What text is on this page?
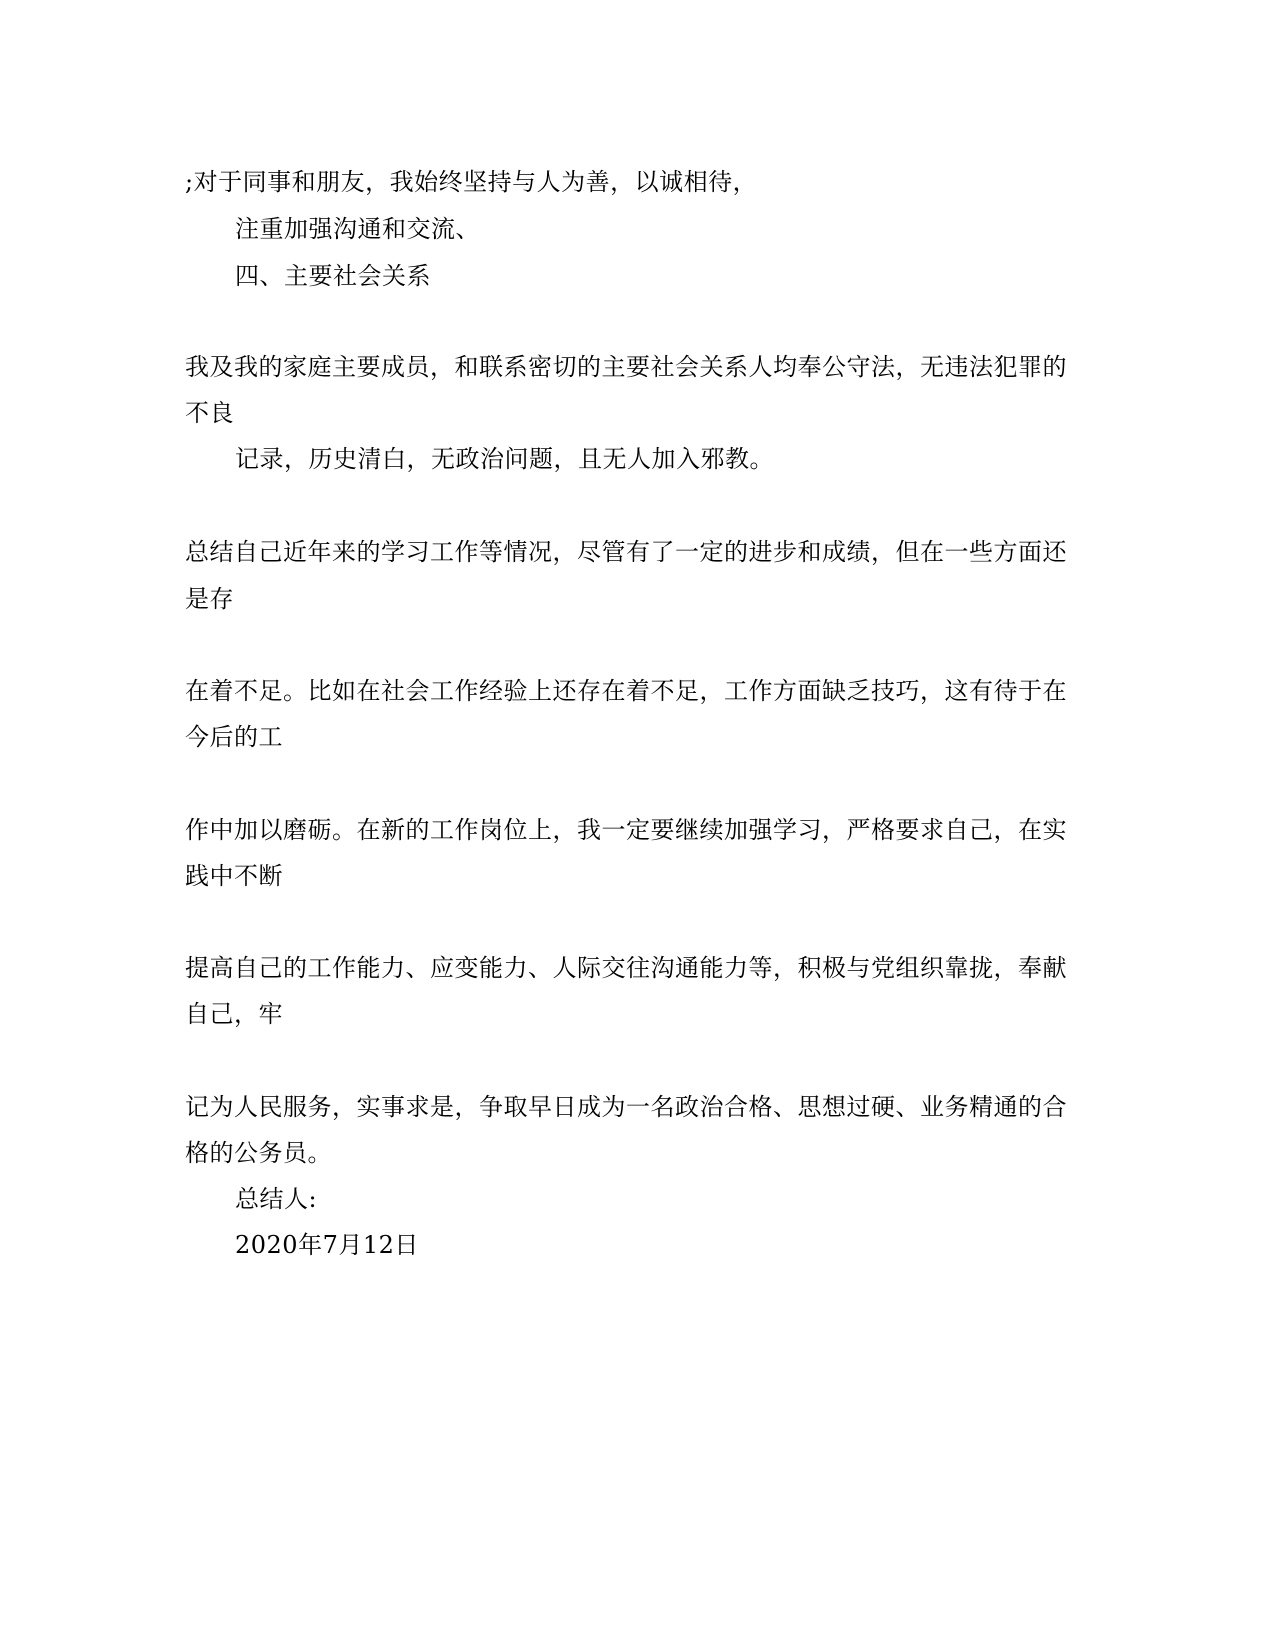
;对于同事和朋友，我始终坚持与人为善，以诚相待，
注重加强沟通和交流、
四、主要社会关系
我及我的家庭主要成员，和联系密切的主要社会关系人均奉公守法，无违法犯罪的
不良
记录，历史清白，无政治问题，且无人加入邪教。
总结自己近年来的学习工作等情况，尽管有了一定的进步和成绩，但在一些方面还
是存
在着不足。比如在社会工作经验上还存在着不足，工作方面缺乏技巧，这有待于在
今后的工
作中加以磨砺。在新的工作岗位上，我一定要继续加强学习，严格要求自己，在实
践中不断
提高自己的工作能力、应变能力、人际交往沟通能力等，积极与党组织靠拢，奉献
自己，牢
记为人民服务，实事求是，争取早日成为一名政治合格、思想过硬、业务精通的合
格的公务员。
总结人:
2020年7月12日
